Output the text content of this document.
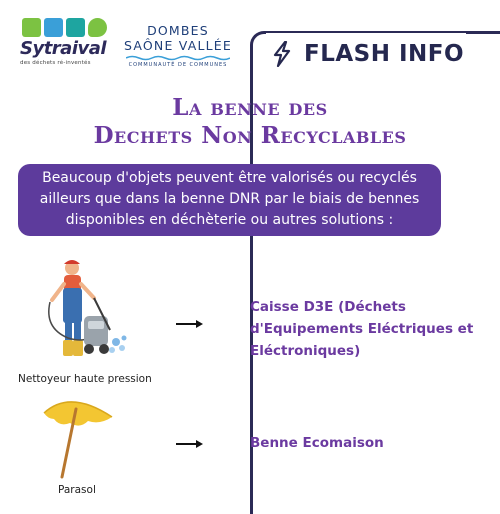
Sytraival
des déchets ré-inventés
DOMBES
SAÔNE VALLÉE
COMMUNAUTÉ DE COMMUNES	FLASH INFO
La benne des
Dechets Non Recyclables
Beaucoup d'objets peuvent être valorisés ou recyclés ailleurs que dans la benne DNR par le biais de bennes disponibles en déchèterie ou autres solutions :
Nettoyeur haute pression
Caisse D3E (Déchets d'Equipements Eléctriques et Eléctroniques)
Parasol
Benne Ecomaison
